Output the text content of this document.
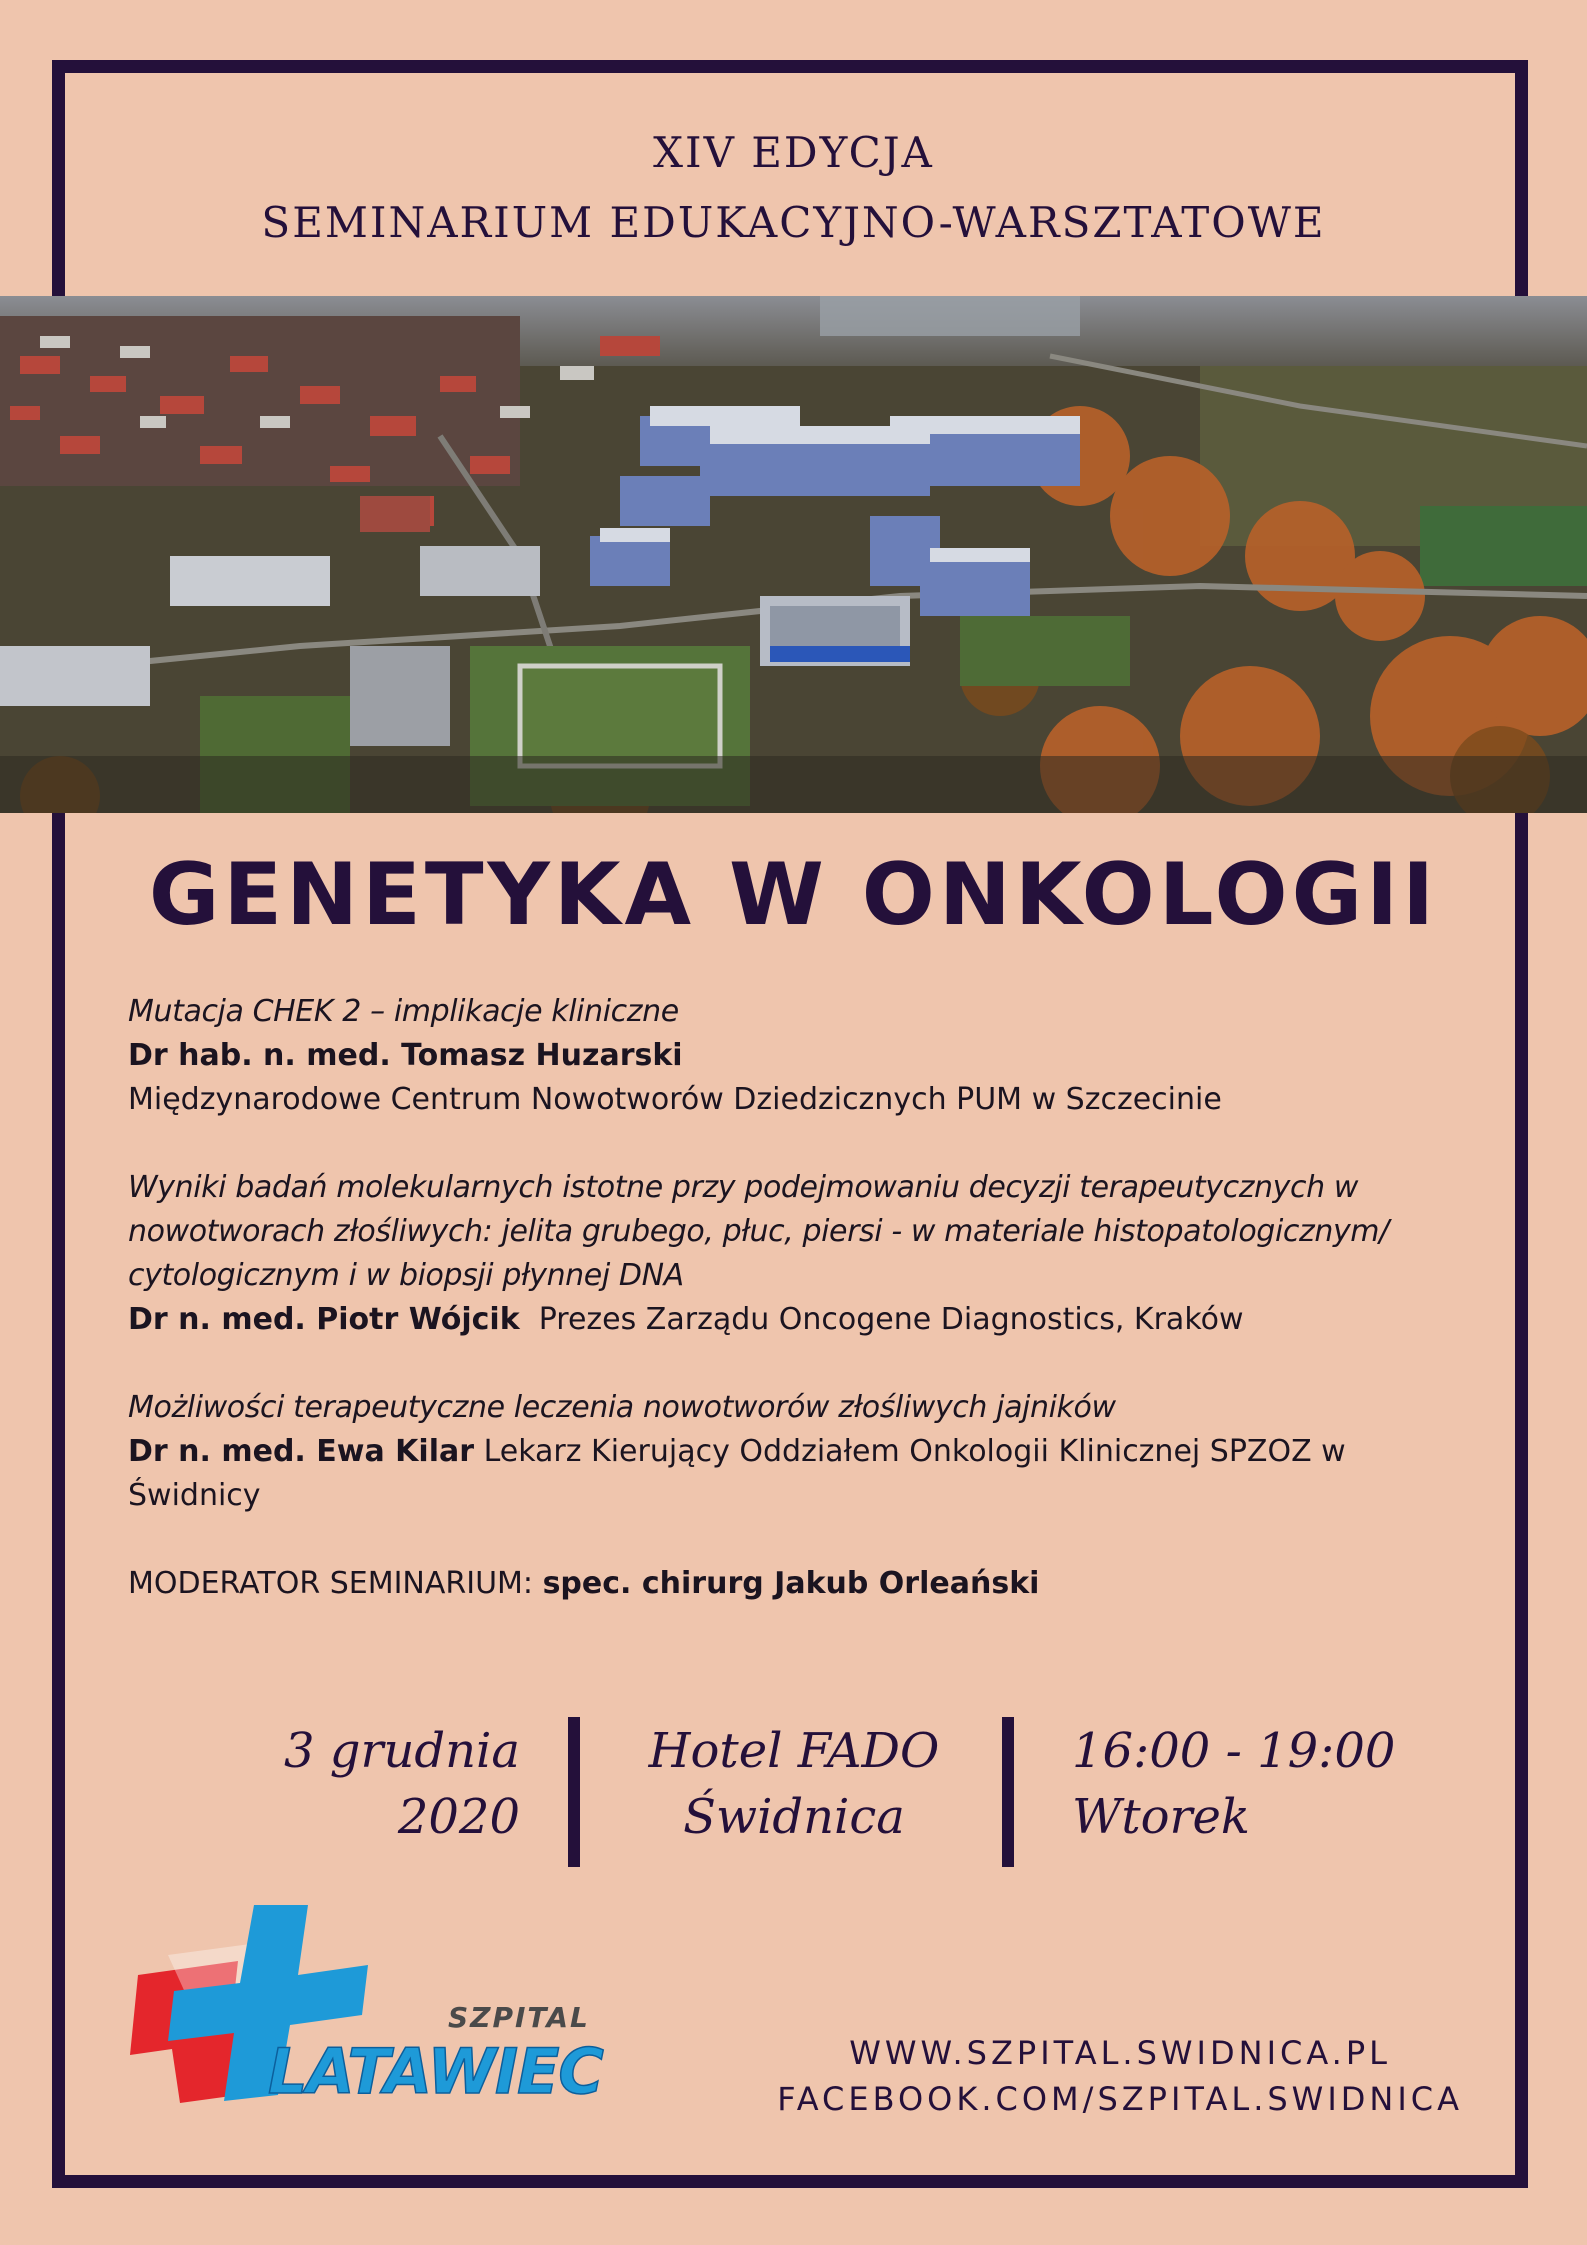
XIV EDYCJA
SEMINARIUM EDUKACYJNO-WARSZTATOWE
GENETYKA W ONKOLOGII

Mutacja CHEK 2 – implikacje kliniczne

Dr hab. n. med. Tomasz Huzarski

Międzynarodowe Centrum Nowotworów Dziedzicznych PUM w Szczecinie

Wyniki badań molekularnych istotne przy podejmowaniu decyzji terapeutycznych w

nowotworach złośliwych: jelita grubego, płuc, piersi - w materiale histopatologicznym/

cytologicznym i w biopsji płynnej DNA

Dr n. med. Piotr Wójcik Prezes Zarządu Oncogene Diagnostics, Kraków

Możliwości terapeutyczne leczenia nowotworów złośliwych jajników

Dr n. med. Ewa Kilar Lekarz Kierujący Oddziałem Onkologii Klinicznej SPZOZ w Świdnicy

MODERATOR SEMINARIUM: spec. chirurg Jakub Orleański

3 grudnia
2020
Hotel FADO
Świdnica
16:00 - 19:00
Wtorek
SZPITAL
LATAWIEC	WWW.SZPITAL.SWIDNICA.PL
FACEBOOK.COM/SZPITAL.SWIDNICA
